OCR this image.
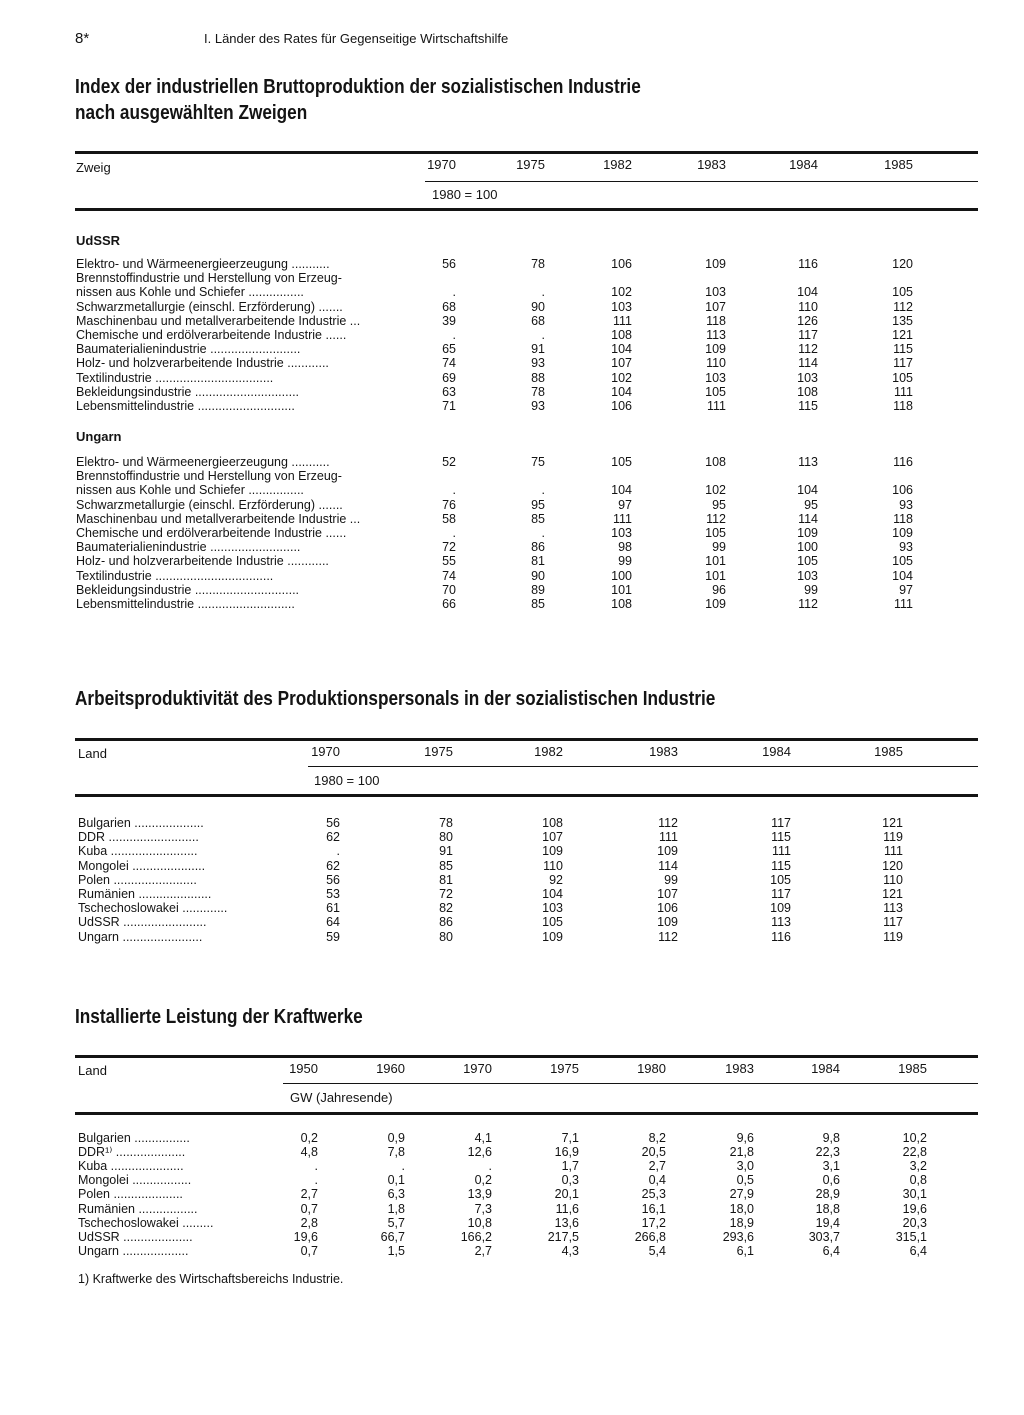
8*	I. Länder des Rates für Gegenseitige Wirtschaftshilfe
Index der industriellen Bruttoproduktion der sozialistischen Industrie
nach ausgewählten Zweigen
Zweig	1970	1975	1982	1983	1984	1985
1980 = 100
UdSSR
Elektro- und Wärmeenergieerzeugung ...........	56	78	106	109	116	120
Brennstoffindustrie und Herstellung von Erzeug-
nissen aus Kohle und Schiefer ................	.	.	102	103	104	105
Schwarzmetallurgie (einschl. Erzförderung) .......	68	90	103	107	110	112
Maschinenbau und metallverarbeitende Industrie ...	39	68	111	118	126	135
Chemische und erdölverarbeitende Industrie ......	.	.	108	113	117	121
Baumaterialienindustrie ..........................	65	91	104	109	112	115
Holz- und holzverarbeitende Industrie ............	74	93	107	110	114	117
Textilindustrie ..................................	69	88	102	103	103	105
Bekleidungsindustrie ..............................	63	78	104	105	108	111
Lebensmittelindustrie ............................	71	93	106	111	115	118
Ungarn
Elektro- und Wärmeenergieerzeugung ...........	52	75	105	108	113	116
Brennstoffindustrie und Herstellung von Erzeug-
nissen aus Kohle und Schiefer ................	.	.	104	102	104	106
Schwarzmetallurgie (einschl. Erzförderung) .......	76	95	97	95	95	93
Maschinenbau und metallverarbeitende Industrie ...	58	85	111	112	114	118
Chemische und erdölverarbeitende Industrie ......	.	.	103	105	109	109
Baumaterialienindustrie ..........................	72	86	98	99	100	93
Holz- und holzverarbeitende Industrie ............	55	81	99	101	105	105
Textilindustrie ..................................	74	90	100	101	103	104
Bekleidungsindustrie ..............................	70	89	101	96	99	97
Lebensmittelindustrie ............................	66	85	108	109	112	111
Arbeitsproduktivität des Produktionspersonals in der sozialistischen Industrie
Land	1970	1975	1982	1983	1984	1985
1980 = 100
Bulgarien ....................	56	78	108	112	117	121
DDR ..........................	62	80	107	111	115	119
Kuba .........................	.	91	109	109	111	111
Mongolei .....................	62	85	110	114	115	120
Polen ........................	56	81	92	99	105	110
Rumänien .....................	53	72	104	107	117	121
Tschechoslowakei .............	61	82	103	106	109	113
UdSSR ........................	64	86	105	109	113	117
Ungarn .......................	59	80	109	112	116	119
Installierte Leistung der Kraftwerke
Land	1950	1960	1970	1975	1980	1983	1984	1985
GW (Jahresende)
Bulgarien ................	0,2	0,9	4,1	7,1	8,2	9,6	9,8	10,2
DDR¹⁾ ....................	4,8	7,8	12,6	16,9	20,5	21,8	22,3	22,8
Kuba .....................	.	.	.	1,7	2,7	3,0	3,1	3,2
Mongolei .................	.	0,1	0,2	0,3	0,4	0,5	0,6	0,8
Polen ....................	2,7	6,3	13,9	20,1	25,3	27,9	28,9	30,1
Rumänien .................	0,7	1,8	7,3	11,6	16,1	18,0	18,8	19,6
Tschechoslowakei .........	2,8	5,7	10,8	13,6	17,2	18,9	19,4	20,3
UdSSR ....................	19,6	66,7	166,2	217,5	266,8	293,6	303,7	315,1
Ungarn ...................	0,7	1,5	2,7	4,3	5,4	6,1	6,4	6,4
1) Kraftwerke des Wirtschaftsbereichs Industrie.
